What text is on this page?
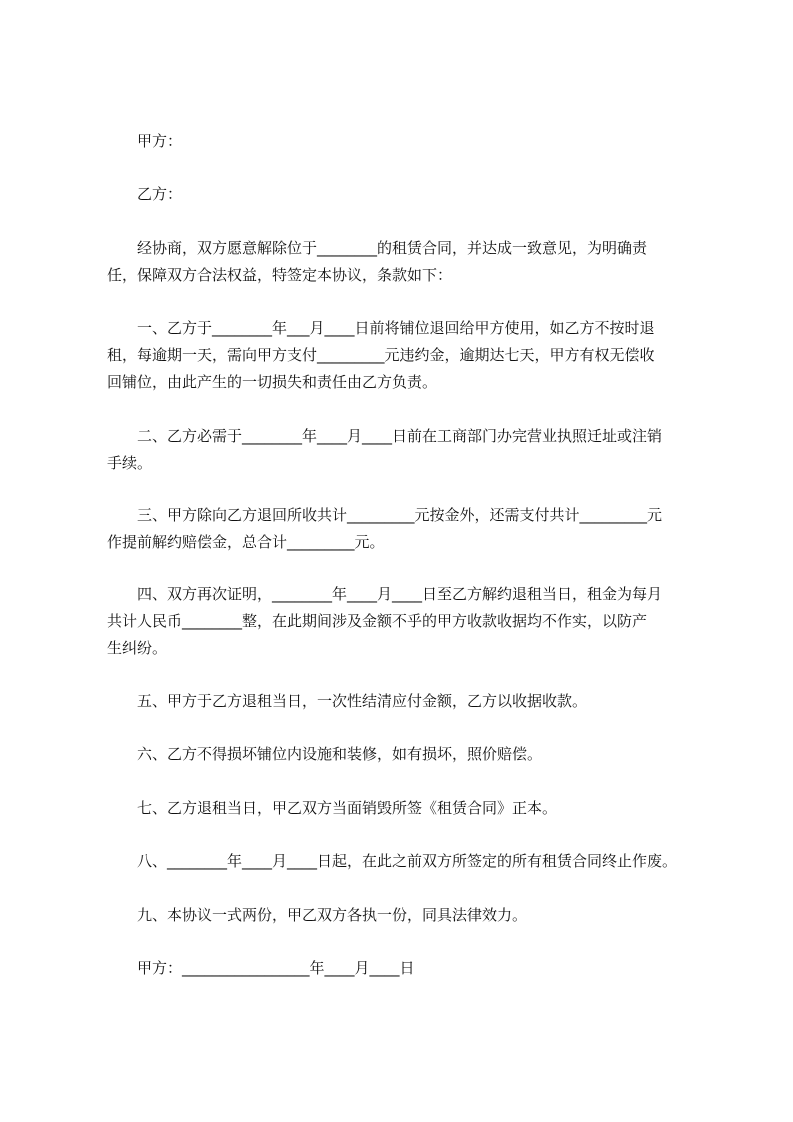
　　甲方：

　　乙方：

　　经协商，双方愿意解除位于________的租赁合同，并达成一致意见，为明确责
任，保障双方合法权益，特签定本协议，条款如下：
　　一、乙方于________年___月____日前将铺位退回给甲方使用，如乙方不按时退
租，每逾期一天，需向甲方支付_________元违约金，逾期达七天，甲方有权无偿收
回铺位，由此产生的一切损失和责任由乙方负责。
　　二、乙方必需于________年____月____日前在工商部门办完营业执照迁址或注销
手续。
　　三、甲方除向乙方退回所收共计_________元按金外，还需支付共计_________元
作提前解约赔偿金，总合计_________元。
　　四、双方再次证明，________年____月____日至乙方解约退租当日，租金为每月
共计人民币________整，在此期间涉及金额不乎的甲方收款收据均不作实，以防产
生纠纷。

　　五、甲方于乙方退租当日，一次性结清应付金额，乙方以收据收款。

　　六、乙方不得损坏铺位内设施和装修，如有损坏，照价赔偿。

　　七、乙方退租当日，甲乙双方当面销毁所签《租赁合同》正本。

　　八、________年____月____日起，在此之前双方所签定的所有租赁合同终止作废。

　　九、本协议一式两份，甲乙双方各执一份，同具法律效力。

　　甲方：_________________年____月____日
